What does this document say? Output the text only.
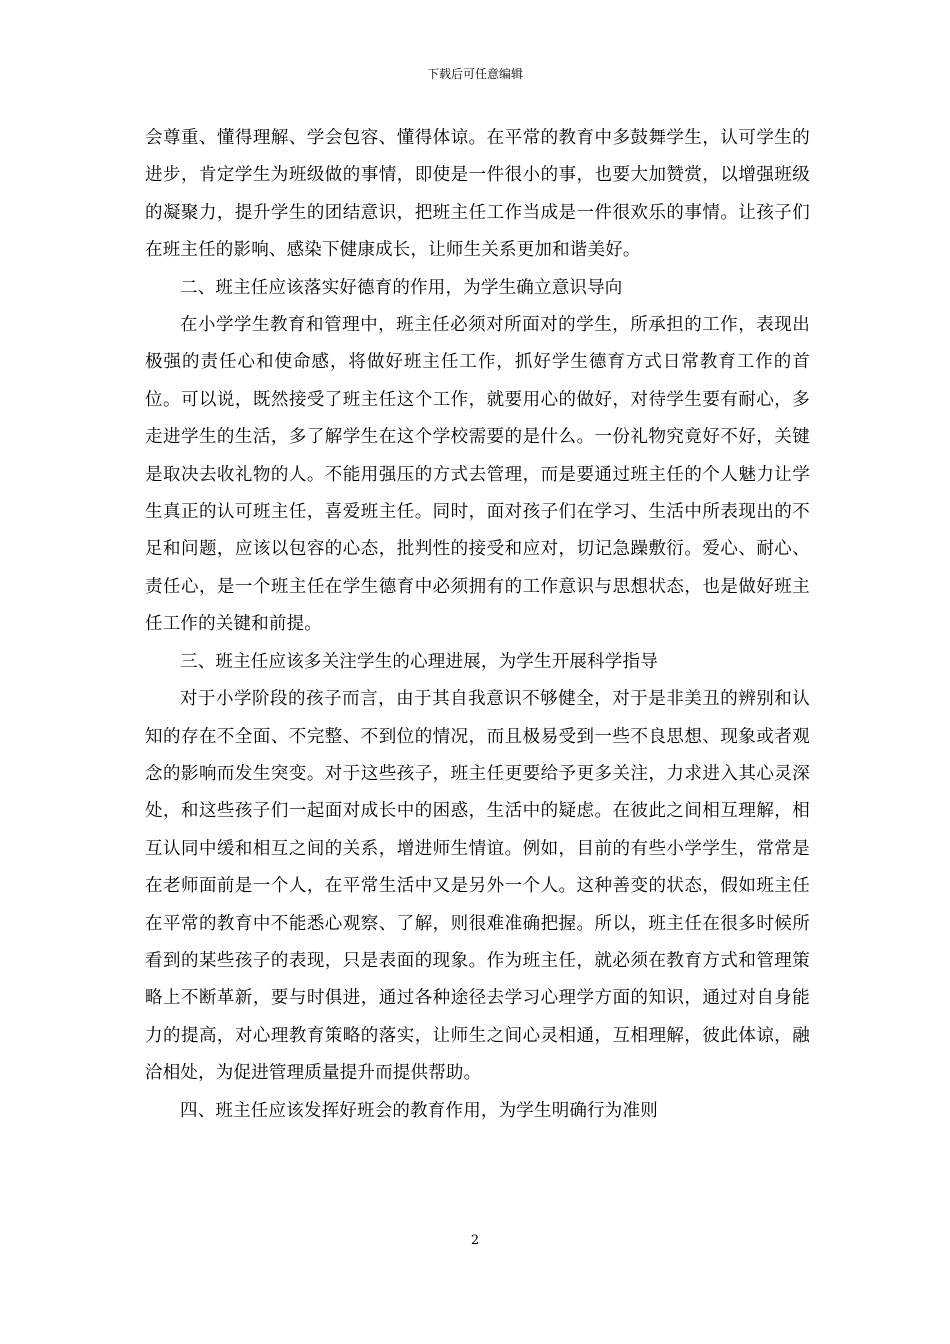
下载后可任意编辑

会尊重、懂得理解、学会包容、懂得体谅。在平常的教育中多鼓舞学生，认可学生的进步，肯定学生为班级做的事情，即使是一件很小的事，也要大加赞赏，以增强班级的凝聚力，提升学生的团结意识，把班主任工作当成是一件很欢乐的事情。让孩子们在班主任的影响、感染下健康成长，让师生关系更加和谐美好。

二、班主任应该落实好德育的作用，为学生确立意识导向

在小学学生教育和管理中，班主任必须对所面对的学生，所承担的工作，表现出极强的责任心和使命感，将做好班主任工作，抓好学生德育方式日常教育工作的首位。可以说，既然接受了班主任这个工作，就要用心的做好，对待学生要有耐心，多走进学生的生活，多了解学生在这个学校需要的是什么。一份礼物究竟好不好，关键是取决去收礼物的人。不能用强压的方式去管理，而是要通过班主任的个人魅力让学生真正的认可班主任，喜爱班主任。同时，面对孩子们在学习、生活中所表现出的不足和问题，应该以包容的心态，批判性的接受和应对，切记急躁敷衍。爱心、耐心、责任心，是一个班主任在学生德育中必须拥有的工作意识与思想状态，也是做好班主任工作的关键和前提。

三、班主任应该多关注学生的心理进展，为学生开展科学指导

对于小学阶段的孩子而言，由于其自我意识不够健全，对于是非美丑的辨别和认知的存在不全面、不完整、不到位的情况，而且极易受到一些不良思想、现象或者观念的影响而发生突变。对于这些孩子，班主任更要给予更多关注，力求进入其心灵深处，和这些孩子们一起面对成长中的困惑，生活中的疑虑。在彼此之间相互理解，相互认同中缓和相互之间的关系，增进师生情谊。例如，目前的有些小学学生，常常是在老师面前是一个人，在平常生活中又是另外一个人。这种善变的状态，假如班主任在平常的教育中不能悉心观察、了解，则很难准确把握。所以，班主任在很多时候所看到的某些孩子的表现，只是表面的现象。作为班主任，就必须在教育方式和管理策略上不断革新，要与时俱进，通过各种途径去学习心理学方面的知识，通过对自身能力的提高，对心理教育策略的落实，让师生之间心灵相通，互相理解，彼此体谅，融洽相处，为促进管理质量提升而提供帮助。

四、班主任应该发挥好班会的教育作用，为学生明确行为准则

2
